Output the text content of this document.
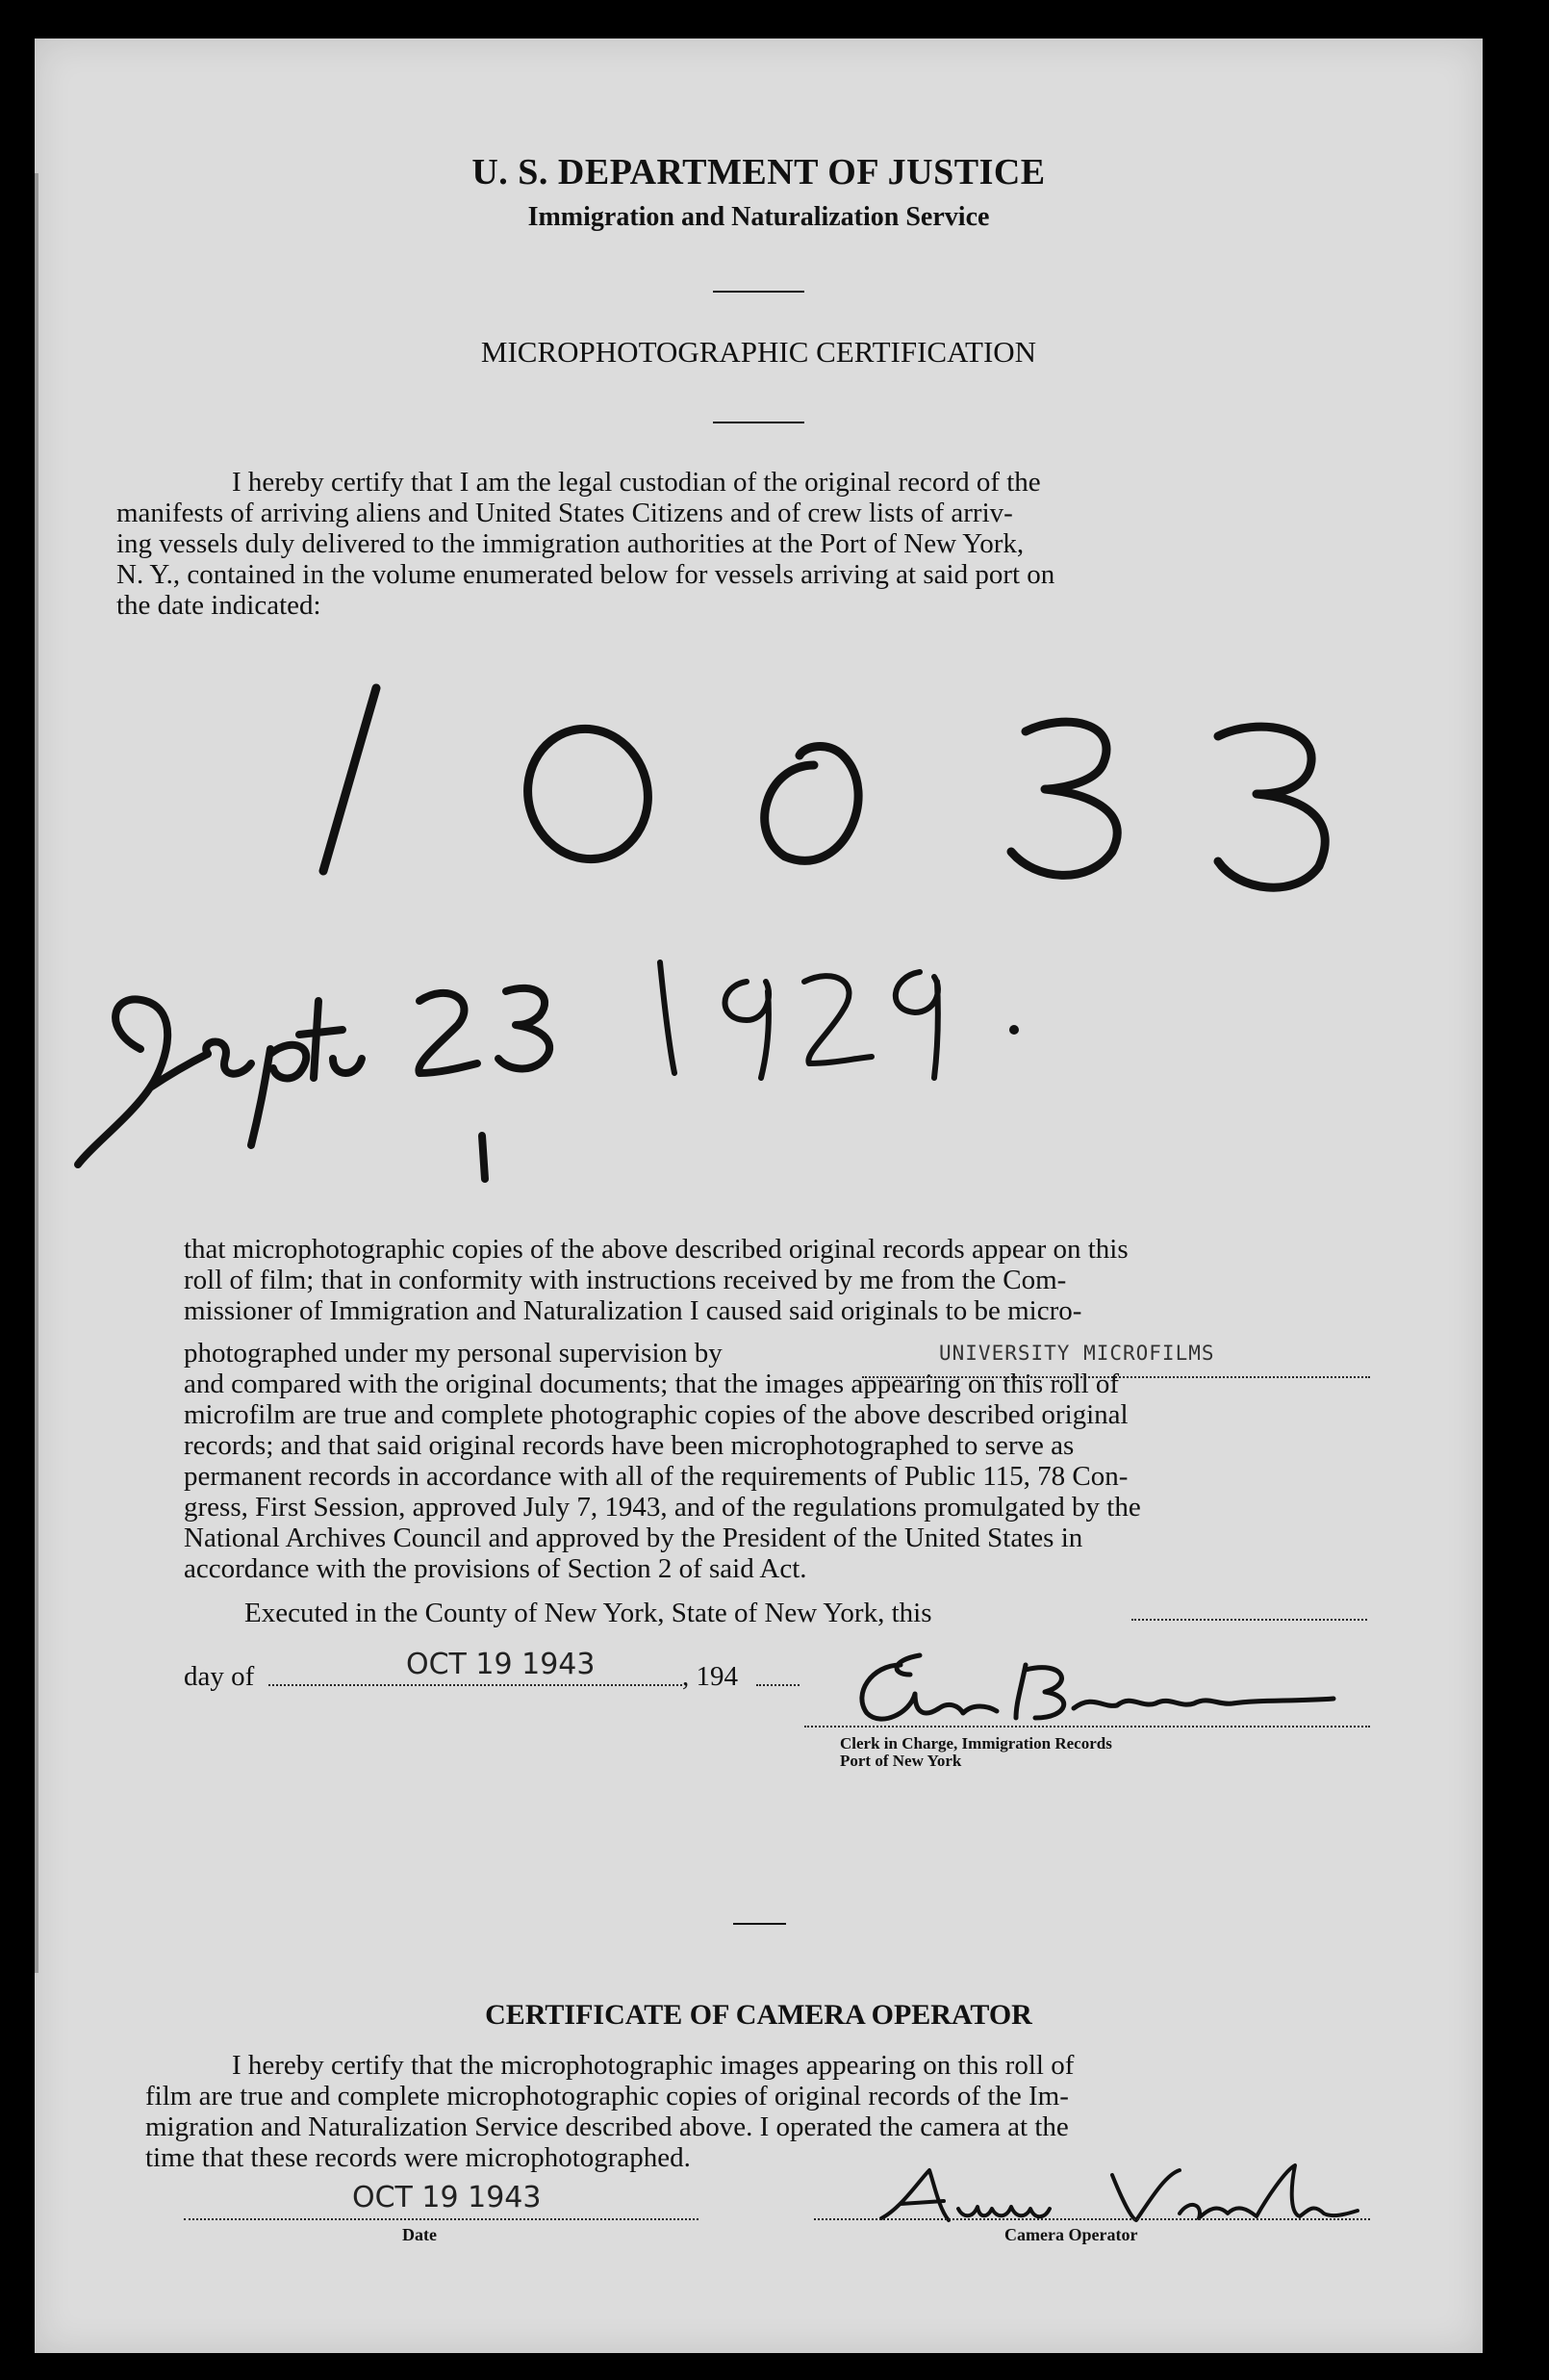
U. S. DEPARTMENT OF JUSTICE
Immigration and Naturalization Service
MICROPHOTOGRAPHIC CERTIFICATION
I hereby certify that I am the legal custodian of the original record of the
manifests of arriving aliens and United States Citizens and of crew lists of arriv-
ing vessels duly delivered to the immigration authorities at the Port of New York,
N. Y., contained in the volume enumerated below for vessels arriving at said port on
the date indicated:
that microphotographic copies of the above described original records appear on this
roll of film; that in conformity with instructions received by me from the Com-
missioner of Immigration and Naturalization I caused said originals to be micro-
photographed under my personal supervision by
and compared with the original documents; that the images appearing on this roll of
microfilm are true and complete photographic copies of the above described original
records; and that said original records have been microphotographed to serve as
permanent records in accordance with all of the requirements of Public 115, 78 Con-
gress, First Session, approved July 7, 1943, and of the regulations promulgated by the
National Archives Council and approved by the President of the United States in
accordance with the provisions of Section 2 of said Act.
UNIVERSITY MICROFILMS
Executed in the County of New York, State of New York, this
day of	OCT 19 1943	, 194
Clerk in Charge, Immigration Records
Port of New York
CERTIFICATE OF CAMERA OPERATOR
I hereby certify that the microphotographic images appearing on this roll of
film are true and complete microphotographic copies of original records of the Im-
migration and Naturalization Service described above. I operated the camera at the
time that these records were microphotographed.
OCT 19 1943
Date	Camera Operator
